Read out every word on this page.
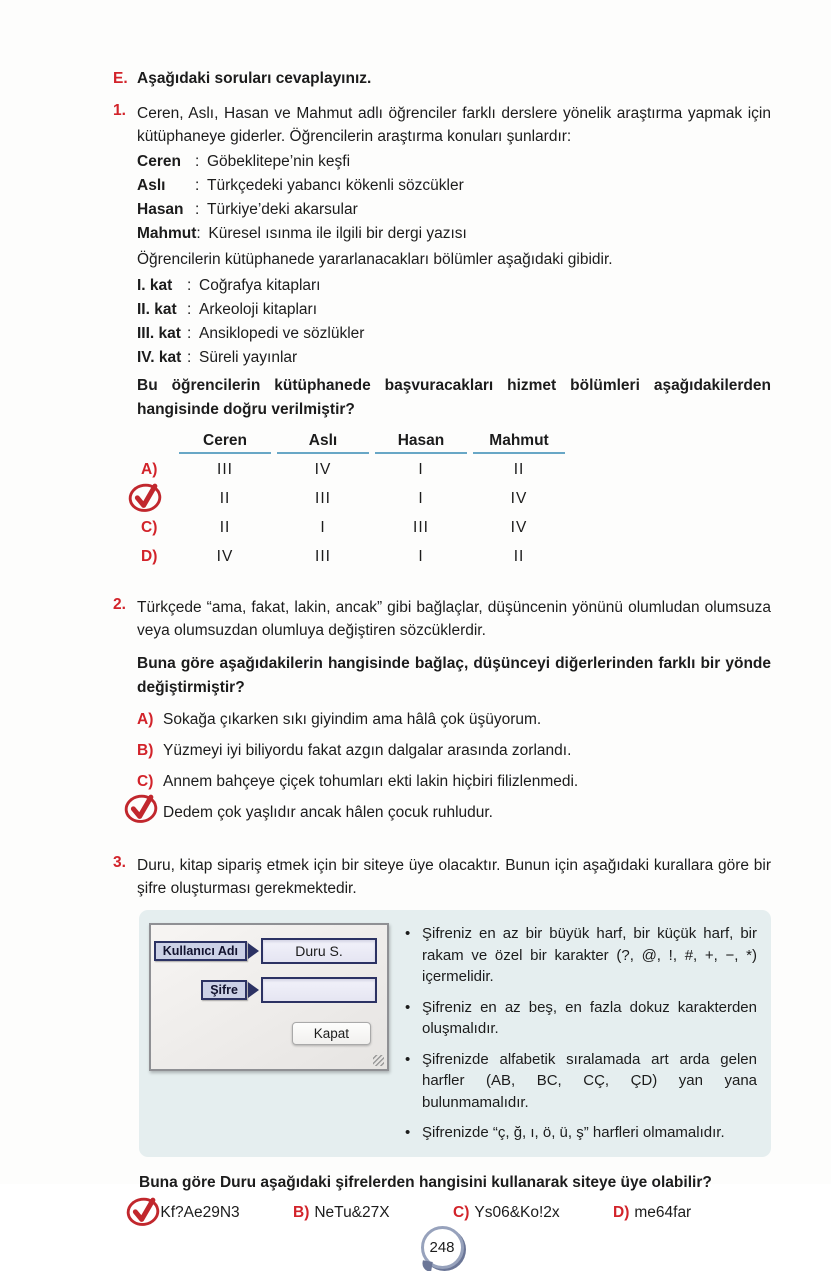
E. Aşağıdaki soruları cevaplayınız.
1. Ceren, Aslı, Hasan ve Mahmut adlı öğrenciler farklı derslere yönelik araştırma yapmak için kütüphaneye giderler. Öğrencilerin araştırma konuları şunlardır:
Ceren : Göbeklitepe’nin keşfi
Aslı	: Türkçedeki yabancı kökenli sözcükler
Hasan : Türkiye’deki akarsular
Mahmut : Küresel ısınma ile ilgili bir dergi yazısı
Öğrencilerin kütüphanede yararlanacakları bölümler aşağıdaki gibidir.
I. kat : Coğrafya kitapları
II. kat : Arkeoloji kitapları
III. kat : Ansiklopedi ve sözlükler
IV. kat : Süreli yayınlar
Bu öğrencilerin kütüphanede başvuracakları hizmet bölümleri aşağıdakilerden hangisinde doğru verilmiştir?
Ceren	Aslı	Hasan	Mahmut
A)	III	IV	I	II
II	III	I	IV
C)	II	I	III	IV
D)	IV	III	I	II
2. Türkçede “ama, fakat, lakin, ancak” gibi bağlaçlar, düşüncenin yönünü olumludan olumsuza veya olumsuzdan olumluya değiştiren sözcüklerdir.
Buna göre aşağıdakilerin hangisinde bağlaç, düşünceyi diğerlerinden farklı bir yönde değiştirmiştir?
A) Sokağa çıkarken sıkı giyindim ama hâlâ çok üşüyorum.
B) Yüzmeyi iyi biliyordu fakat azgın dalgalar arasında zorlandı.
C) Annem bahçeye çiçek tohumları ekti lakin hiçbiri filizlenmedi.
Dedem çok yaşlıdır ancak hâlen çocuk ruhludur.
3. Duru, kitap sipariş etmek için bir siteye üye olacaktır. Bunun için aşağıdaki kurallara göre bir şifre oluşturması gerekmektedir.
Kullanıcı Adı	Duru S.
Şifre
Kapat
• Şifreniz en az bir büyük harf, bir küçük harf, bir rakam ve özel bir karakter (?, @, !, #, +, −, *) içermelidir.
• Şifreniz en az beş, en fazla dokuz karakterden oluşmalıdır.
• Şifrenizde alfabetik sıralamada art arda gelen harfler (AB, BC, CÇ, ÇD) yan yana bulunmamalıdır.
• Şifrenizde “ç, ğ, ı, ö, ü, ş” harfleri olmamalıdır.
Buna göre Duru aşağıdaki şifrelerden hangisini kullanarak siteye üye olabilir?
Kf?Ae29N3	B) NeTu&27X	C) Ys06&Ko!2x	D) me64far
248
